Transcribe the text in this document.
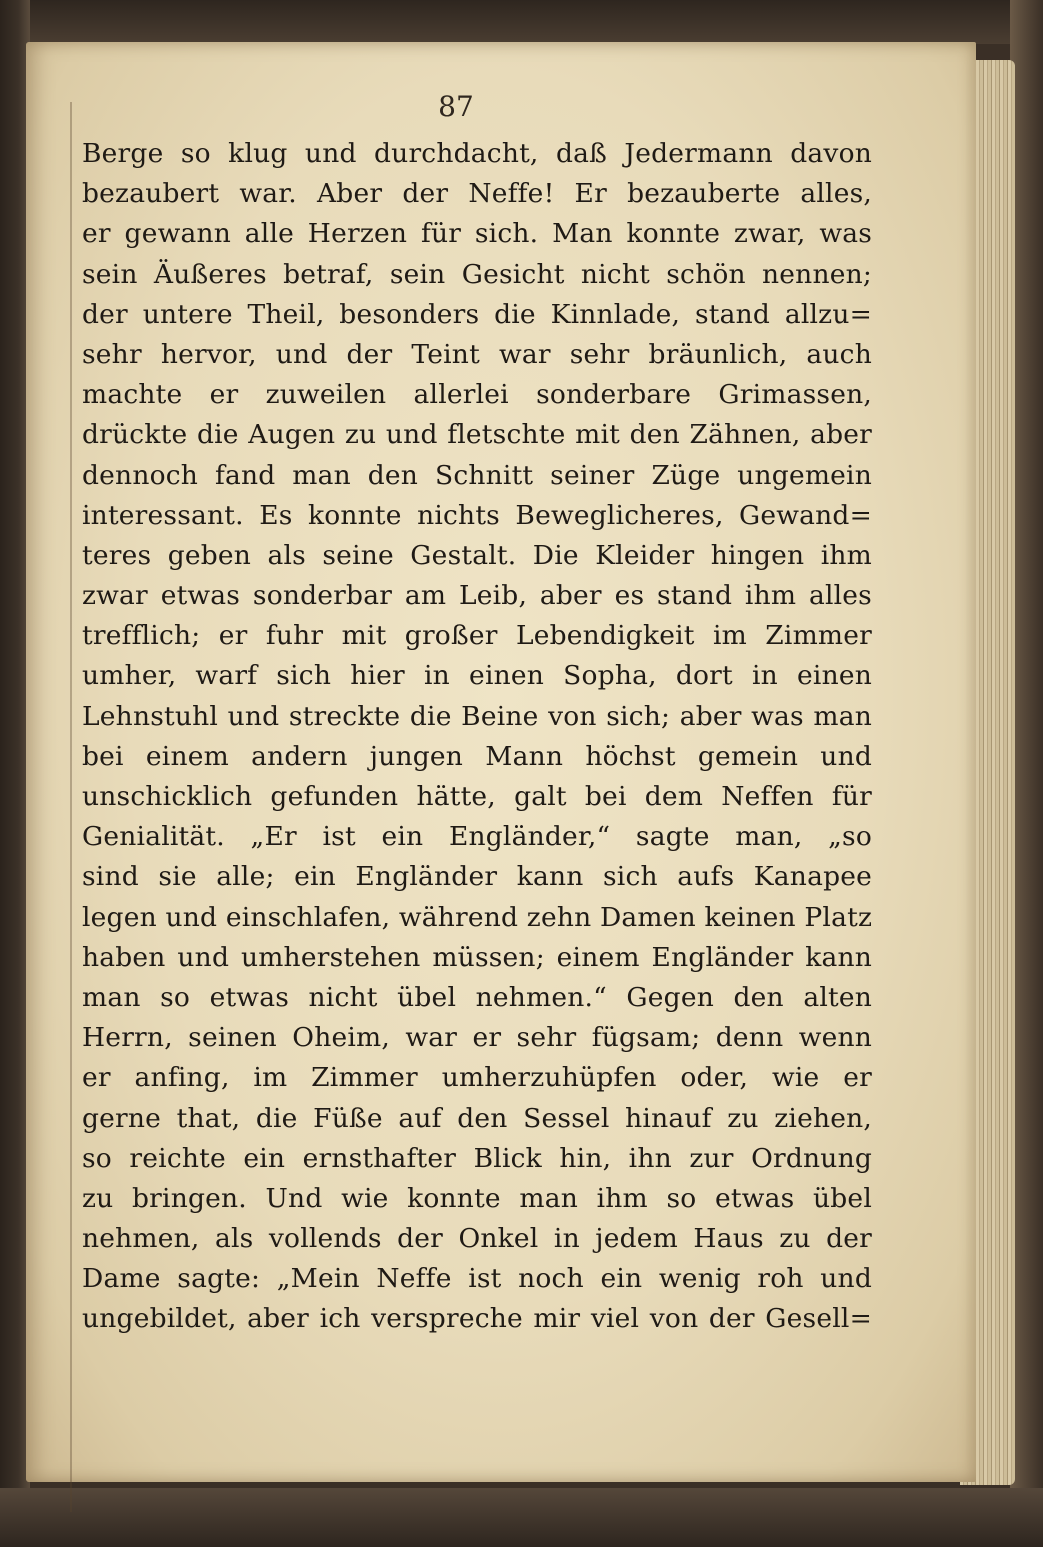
87
Berge so klug und durchdacht, daß Jedermann davon
bezaubert war. Aber der Neffe! Er bezauberte alles,
er gewann alle Herzen für sich. Man konnte zwar, was
sein Äußeres betraf, sein Gesicht nicht schön nennen;
der untere Theil, besonders die Kinnlade, stand allzu=
sehr hervor, und der Teint war sehr bräunlich, auch
machte er zuweilen allerlei sonderbare Grimassen,
drückte die Augen zu und fletschte mit den Zähnen, aber
dennoch fand man den Schnitt seiner Züge ungemein
interessant. Es konnte nichts Beweglicheres, Gewand=
teres geben als seine Gestalt. Die Kleider hingen ihm
zwar etwas sonderbar am Leib, aber es stand ihm alles
trefflich; er fuhr mit großer Lebendigkeit im Zimmer
umher, warf sich hier in einen Sopha, dort in einen
Lehnstuhl und streckte die Beine von sich; aber was man
bei einem andern jungen Mann höchst gemein und
unschicklich gefunden hätte, galt bei dem Neffen für
Genialität. „Er ist ein Engländer,“ sagte man, „so
sind sie alle; ein Engländer kann sich aufs Kanapee
legen und einschlafen, während zehn Damen keinen Platz
haben und umherstehen müssen; einem Engländer kann
man so etwas nicht übel nehmen.“ Gegen den alten
Herrn, seinen Oheim, war er sehr fügsam; denn wenn
er anfing, im Zimmer umherzuhüpfen oder, wie er
gerne that, die Füße auf den Sessel hinauf zu ziehen,
so reichte ein ernsthafter Blick hin, ihn zur Ordnung
zu bringen. Und wie konnte man ihm so etwas übel
nehmen, als vollends der Onkel in jedem Haus zu der
Dame sagte: „Mein Neffe ist noch ein wenig roh und
ungebildet, aber ich verspreche mir viel von der Gesell=
